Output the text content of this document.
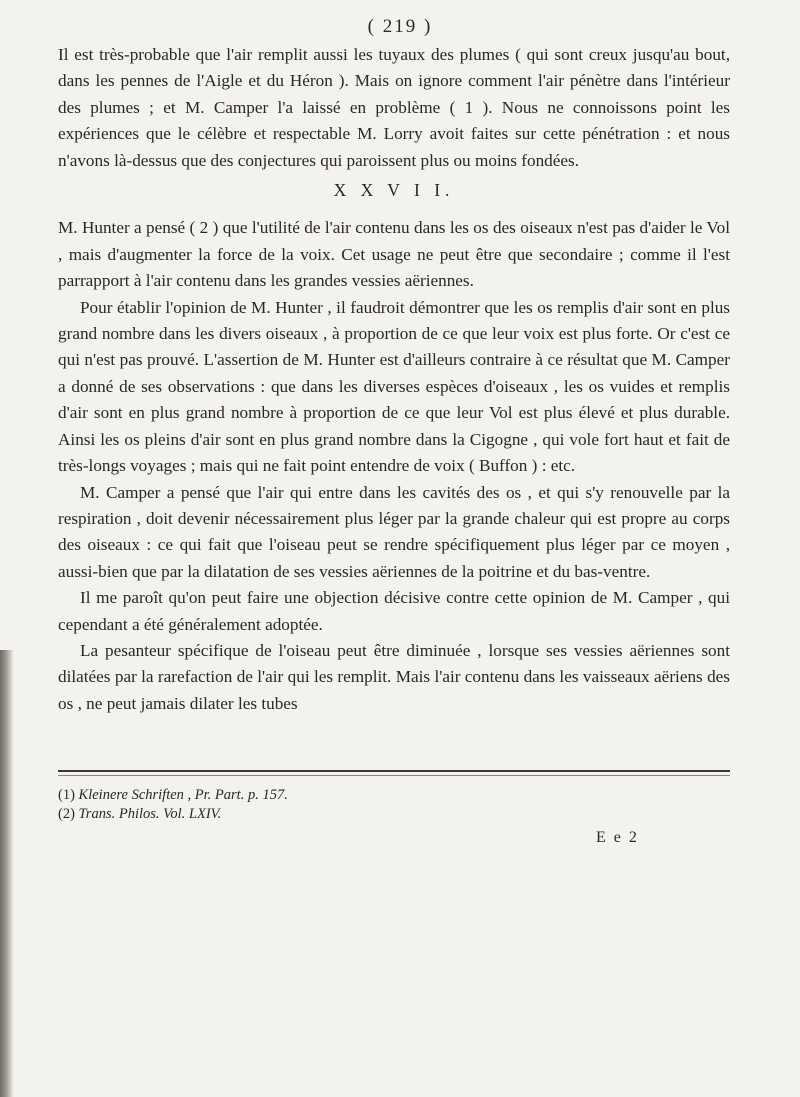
( 219 )

Il est très-probable que l'air remplit aussi les tuyaux des plumes ( qui sont creux jusqu'au bout, dans les pennes de l'Aigle et du Héron ). Mais on ignore comment l'air pénètre dans l'intérieur des plumes ; et M. Camper l'a laissé en problème ( 1 ). Nous ne connoissons point les expériences que le célèbre et respectable M. Lorry avoit faites sur cette pénétration : et nous n'avons là-dessus que des conjectures qui paroissent plus ou moins fondées.

X X V I I.

M. Hunter a pensé ( 2 ) que l'utilité de l'air contenu dans les os des oiseaux n'est pas d'aider le Vol , mais d'augmenter la force de la voix. Cet usage ne peut être que secondaire ; comme il l'est parrapport à l'air contenu dans les grandes vessies aëriennes.

Pour établir l'opinion de M. Hunter , il faudroit démontrer que les os remplis d'air sont en plus grand nombre dans les divers oiseaux , à proportion de ce que leur voix est plus forte. Or c'est ce qui n'est pas prouvé. L'assertion de M. Hunter est d'ailleurs contraire à ce résultat que M. Camper a donné de ses observations : que dans les diverses espèces d'oiseaux , les os vuides et remplis d'air sont en plus grand nombre à proportion de ce que leur Vol est plus élevé et plus durable. Ainsi les os pleins d'air sont en plus grand nombre dans la Cigogne , qui vole fort haut et fait de très-longs voyages ; mais qui ne fait point entendre de voix ( Buffon ) : etc.

M. Camper a pensé que l'air qui entre dans les cavités des os , et qui s'y renouvelle par la respiration , doit devenir nécessairement plus léger par la grande chaleur qui est propre au corps des oiseaux : ce qui fait que l'oiseau peut se rendre spécifiquement plus léger par ce moyen , aussi-bien que par la dilatation de ses vessies aëriennes de la poitrine et du bas-ventre.

Il me paroît qu'on peut faire une objection décisive contre cette opinion de M. Camper , qui cependant a été généralement adoptée.

La pesanteur spécifique de l'oiseau peut être diminuée , lorsque ses vessies aëriennes sont dilatées par la rarefaction de l'air qui les remplit. Mais l'air contenu dans les vaisseaux aëriens des os , ne peut jamais dilater les tubes

(1) Kleinere Schriften , Pr. Part. p. 157.
(2) Trans. Philos. Vol. LXIV.
E e 2
